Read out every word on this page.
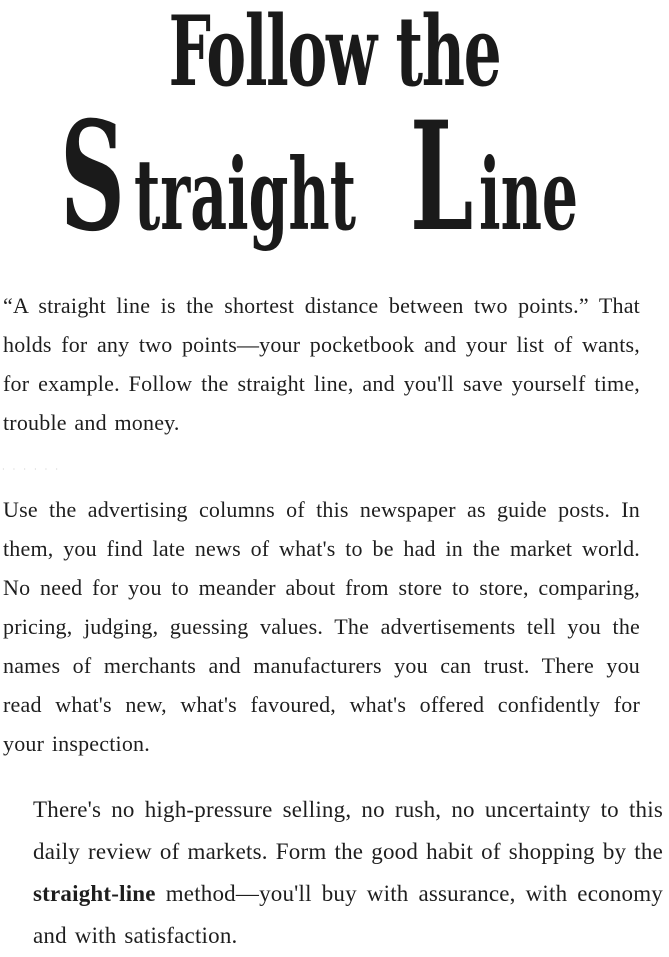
Follow the
Straight Line

“A straight line is the shortest distance between two points.” That holds for any two points—your pocketbook and your list of wants, for example. Follow the straight line, and you'll save yourself time, trouble and money.

· · · · · ·

Use the advertising columns of this newspaper as guide posts. In them, you find late news of what's to be had in the market world. No need for you to meander about from store to store, comparing, pricing, judging, guessing values. The advertisements tell you the names of merchants and manufacturers you can trust. There you read what's new, what's favoured, what's offered confidently for your inspection.

There's no high-pressure selling, no rush, no uncertainty to this daily review of markets. Form the good habit of shopping by the straight-line method—you'll buy with assurance, with economy and with satisfaction.
